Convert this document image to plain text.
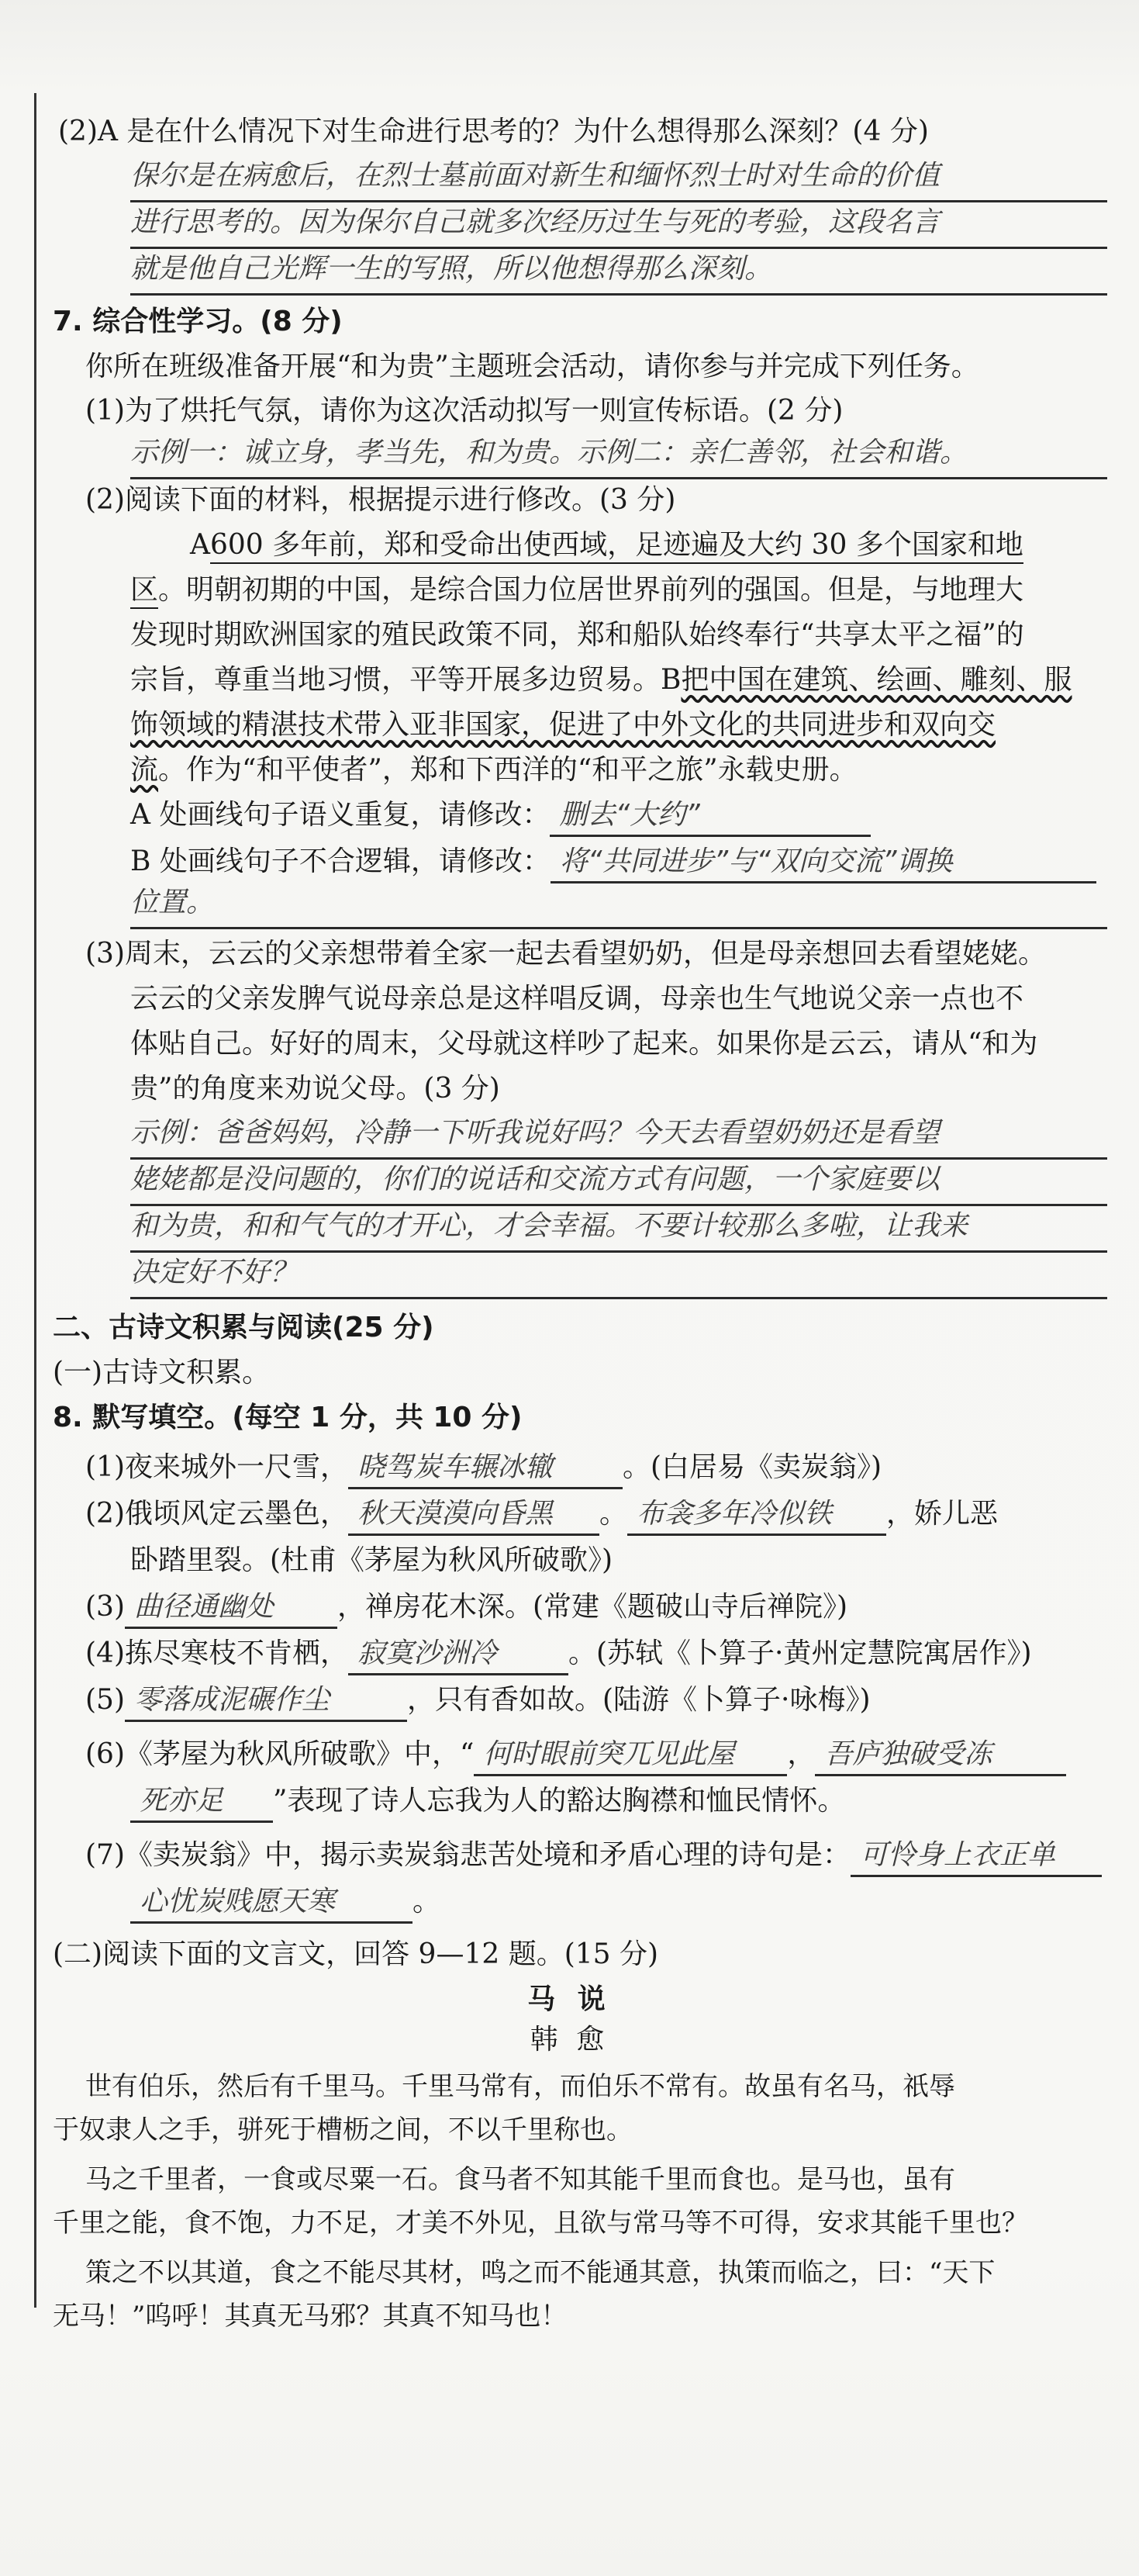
(2)A 是在什么情况下对生命进行思考的？为什么想得那么深刻？(4 分)
保尔是在病愈后，在烈士墓前面对新生和缅怀烈士时对生命的价值
进行思考的。因为保尔自己就多次经历过生与死的考验，这段名言
就是他自己光辉一生的写照，所以他想得那么深刻。
7. 综合性学习。(8 分)
你所在班级准备开展“和为贵”主题班会活动，请你参与并完成下列任务。
(1)为了烘托气氛，请你为这次活动拟写一则宣传标语。(2 分)
示例一：诚立身，孝当先，和为贵。示例二：亲仁善邻，社会和谐。
(2)阅读下面的材料，根据提示进行修改。(3 分)
A600 多年前，郑和受命出使西域，足迹遍及大约 30 多个国家和地
区。明朝初期的中国，是综合国力位居世界前列的强国。但是，与地理大
发现时期欧洲国家的殖民政策不同，郑和船队始终奉行“共享太平之福”的
宗旨，尊重当地习惯，平等开展多边贸易。B把中国在建筑、绘画、雕刻、服
饰领域的精湛技术带入亚非国家，促进了中外文化的共同进步和双向交
流。作为“和平使者”，郑和下西洋的“和平之旅”永载史册。
A 处画线句子语义重复，请修改： 删去“大约”
B 处画线句子不合逻辑，请修改： 将“共同进步”与“双向交流”调换
位置。
(3)周末，云云的父亲想带着全家一起去看望奶奶，但是母亲想回去看望姥姥。
云云的父亲发脾气说母亲总是这样唱反调，母亲也生气地说父亲一点也不
体贴自己。好好的周末，父母就这样吵了起来。如果你是云云，请从“和为
贵”的角度来劝说父母。(3 分)
示例：爸爸妈妈，冷静一下听我说好吗？今天去看望奶奶还是看望
姥姥都是没问题的，你们的说话和交流方式有问题，一个家庭要以
和为贵，和和气气的才开心，才会幸福。不要计较那么多啦，让我来
决定好不好？
二、古诗文积累与阅读(25 分)
(一)古诗文积累。
8. 默写填空。(每空 1 分，共 10 分)
(1)夜来城外一尺雪， 晓驾炭车辗冰辙 。(白居易《卖炭翁》)
(2)俄顷风定云墨色， 秋天漠漠向昏黑 。 布衾多年冷似铁 ，娇儿恶
卧踏里裂。(杜甫《茅屋为秋风所破歌》)
(3) 曲径通幽处 ，禅房花木深。(常建《题破山寺后禅院》)
(4)拣尽寒枝不肯栖， 寂寞沙洲冷	。(苏轼《卜算子·黄州定慧院寓居作》)
(5) 零落成泥碾作尘	，只有香如故。(陆游《卜算子·咏梅》)
(6)《茅屋为秋风所破歌》中，“ 何时眼前突兀见此屋 ， 吾庐独破受冻
死亦足 ”表现了诗人忘我为人的豁达胸襟和恤民情怀。
(7)《卖炭翁》中，揭示卖炭翁悲苦处境和矛盾心理的诗句是： 可怜身上衣正单
心忧炭贱愿天寒	。
(二)阅读下面的文言文，回答 9—12 题。(15 分)
马 说
韩 愈
世有伯乐，然后有千里马。千里马常有，而伯乐不常有。故虽有名马，祇辱
于奴隶人之手，骈死于槽枥之间，不以千里称也。
马之千里者，一食或尽粟一石。食马者不知其能千里而食也。是马也，虽有
千里之能，食不饱，力不足，才美不外见，且欲与常马等不可得，安求其能千里也？
策之不以其道，食之不能尽其材，鸣之而不能通其意，执策而临之，曰：“天下
无马！”呜呼！其真无马邪？其真不知马也！
